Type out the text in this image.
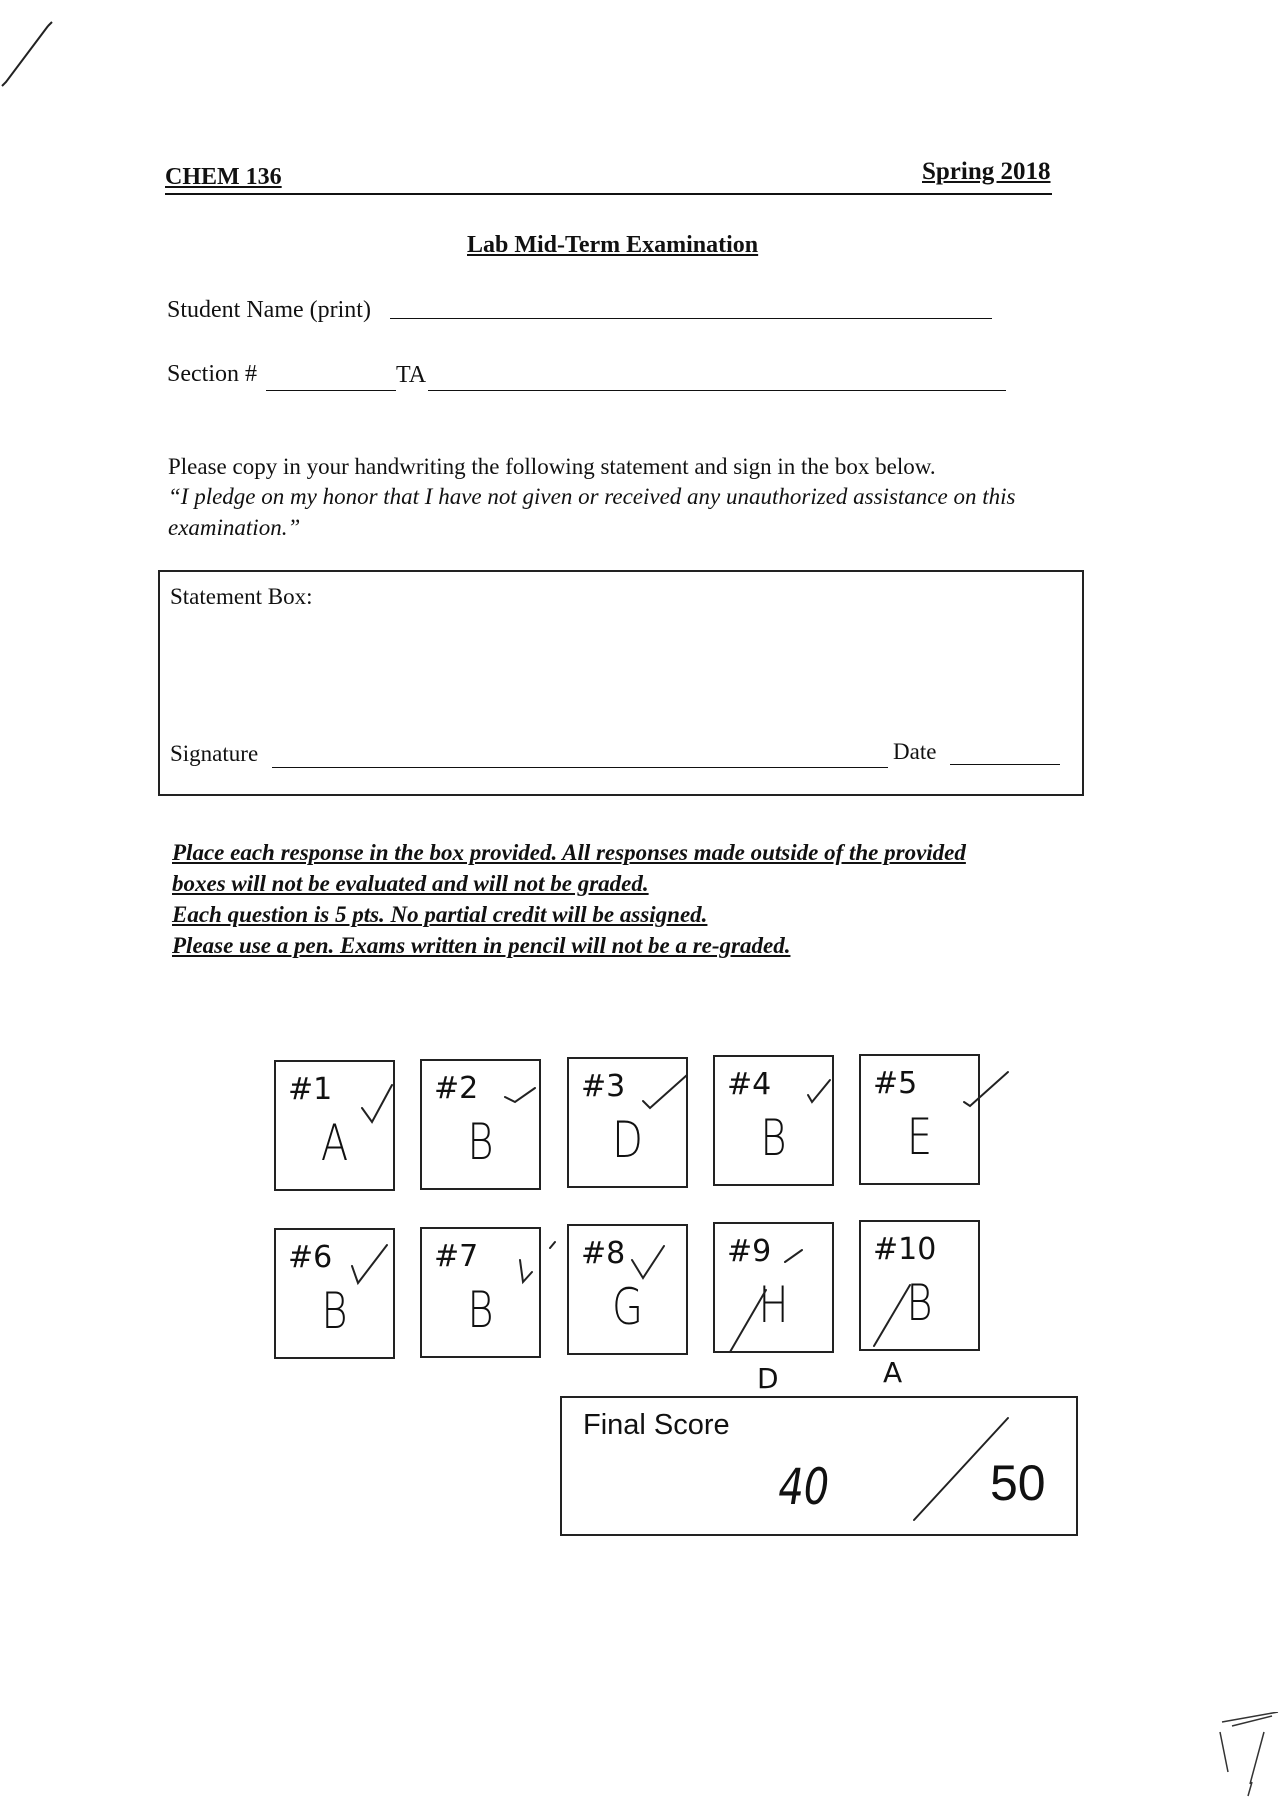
CHEM 136	Spring 2018
Lab Mid-Term Examination
Student Name (print)
Section #	TA
Please copy in your handwriting the following statement and sign in the box below.
“I pledge on my honor that I have not given or received any unauthorized assistance on this examination.”
Statement Box:
Signature	Date
Place each response in the box provided. All responses made outside of the provided
boxes will not be evaluated and will not be graded.
Each question is 5 pts. No partial credit will be assigned.
Please use a pen. Exams written in pencil will not be a re-graded.
#1
A
#2
B
#3
D
#4
B
#5
E
#6
B
#7
B
#8
G
#9
H
#10
B
D	A
Final Score
40	50
